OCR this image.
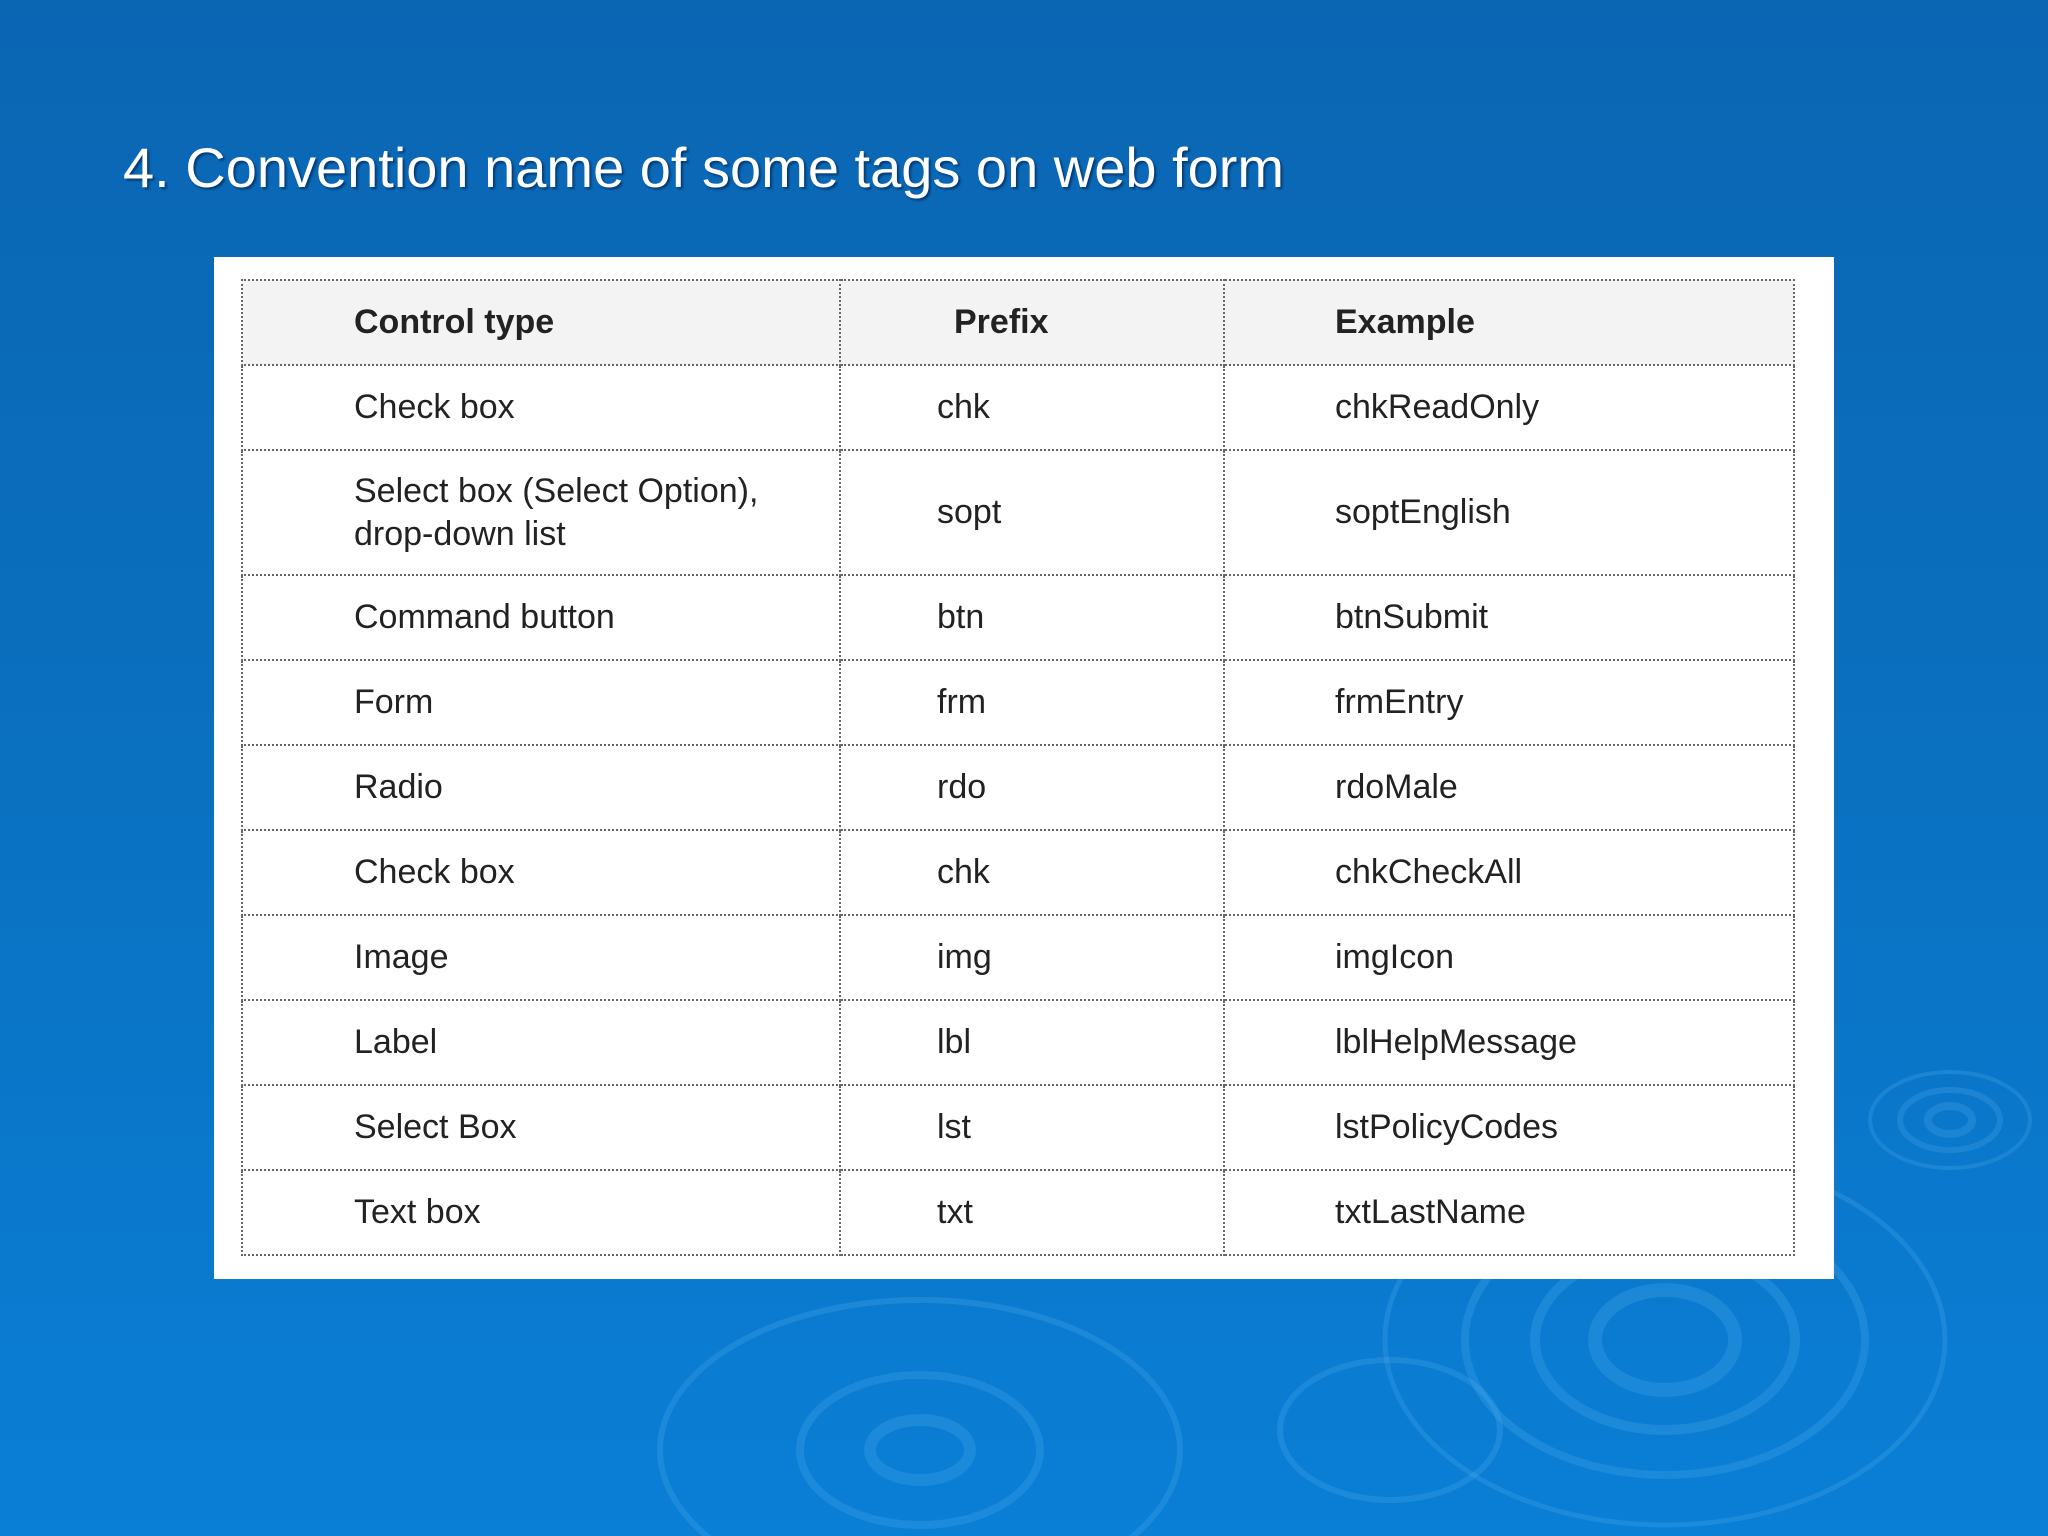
4. Convention name of some tags on web form
Control type	Prefix	Example
Check box	chk	chkReadOnly
Select box (Select Option),
drop-down list	sopt	soptEnglish
Command button	btn	btnSubmit
Form	frm	frmEntry
Radio	rdo	rdoMale
Check box	chk	chkCheckAll
Image	img	imgIcon
Label	lbl	lblHelpMessage
Select Box	lst	lstPolicyCodes
Text box	txt	txtLastName
